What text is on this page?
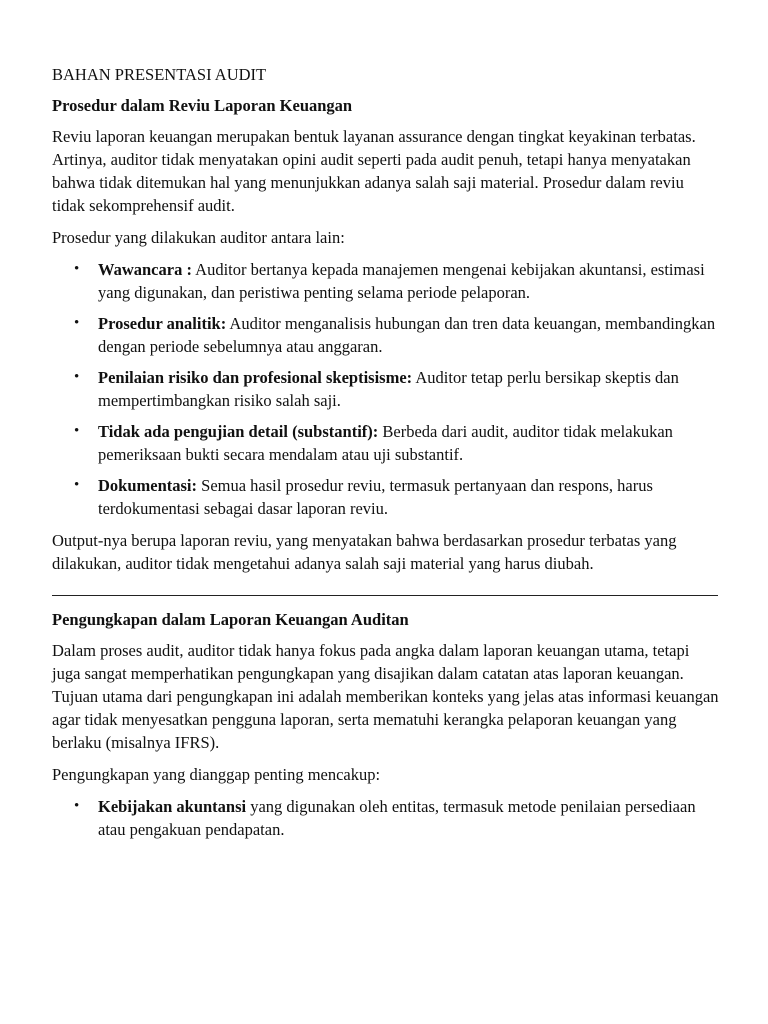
BAHAN PRESENTASI AUDIT

Prosedur dalam Reviu Laporan Keuangan

Reviu laporan keuangan merupakan bentuk layanan assurance dengan tingkat keyakinan terbatas. Artinya, auditor tidak menyatakan opini audit seperti pada audit penuh, tetapi hanya menyatakan bahwa tidak ditemukan hal yang menunjukkan adanya salah saji material. Prosedur dalam reviu tidak sekomprehensif audit.

Prosedur yang dilakukan auditor antara lain:

• Wawancara : Auditor bertanya kepada manajemen mengenai kebijakan akuntansi, estimasi yang digunakan, dan peristiwa penting selama periode pelaporan.
• Prosedur analitik: Auditor menganalisis hubungan dan tren data keuangan, membandingkan dengan periode sebelumnya atau anggaran.
• Penilaian risiko dan profesional skeptisisme: Auditor tetap perlu bersikap skeptis dan mempertimbangkan risiko salah saji.
• Tidak ada pengujian detail (substantif): Berbeda dari audit, auditor tidak melakukan pemeriksaan bukti secara mendalam atau uji substantif.
• Dokumentasi: Semua hasil prosedur reviu, termasuk pertanyaan dan respons, harus terdokumentasi sebagai dasar laporan reviu.

Output-nya berupa laporan reviu, yang menyatakan bahwa berdasarkan prosedur terbatas yang dilakukan, auditor tidak mengetahui adanya salah saji material yang harus diubah.

Pengungkapan dalam Laporan Keuangan Auditan

Dalam proses audit, auditor tidak hanya fokus pada angka dalam laporan keuangan utama, tetapi juga sangat memperhatikan pengungkapan yang disajikan dalam catatan atas laporan keuangan. Tujuan utama dari pengungkapan ini adalah memberikan konteks yang jelas atas informasi keuangan agar tidak menyesatkan pengguna laporan, serta mematuhi kerangka pelaporan keuangan yang berlaku (misalnya IFRS).

Pengungkapan yang dianggap penting mencakup:

• Kebijakan akuntansi yang digunakan oleh entitas, termasuk metode penilaian persediaan atau pengakuan pendapatan.
